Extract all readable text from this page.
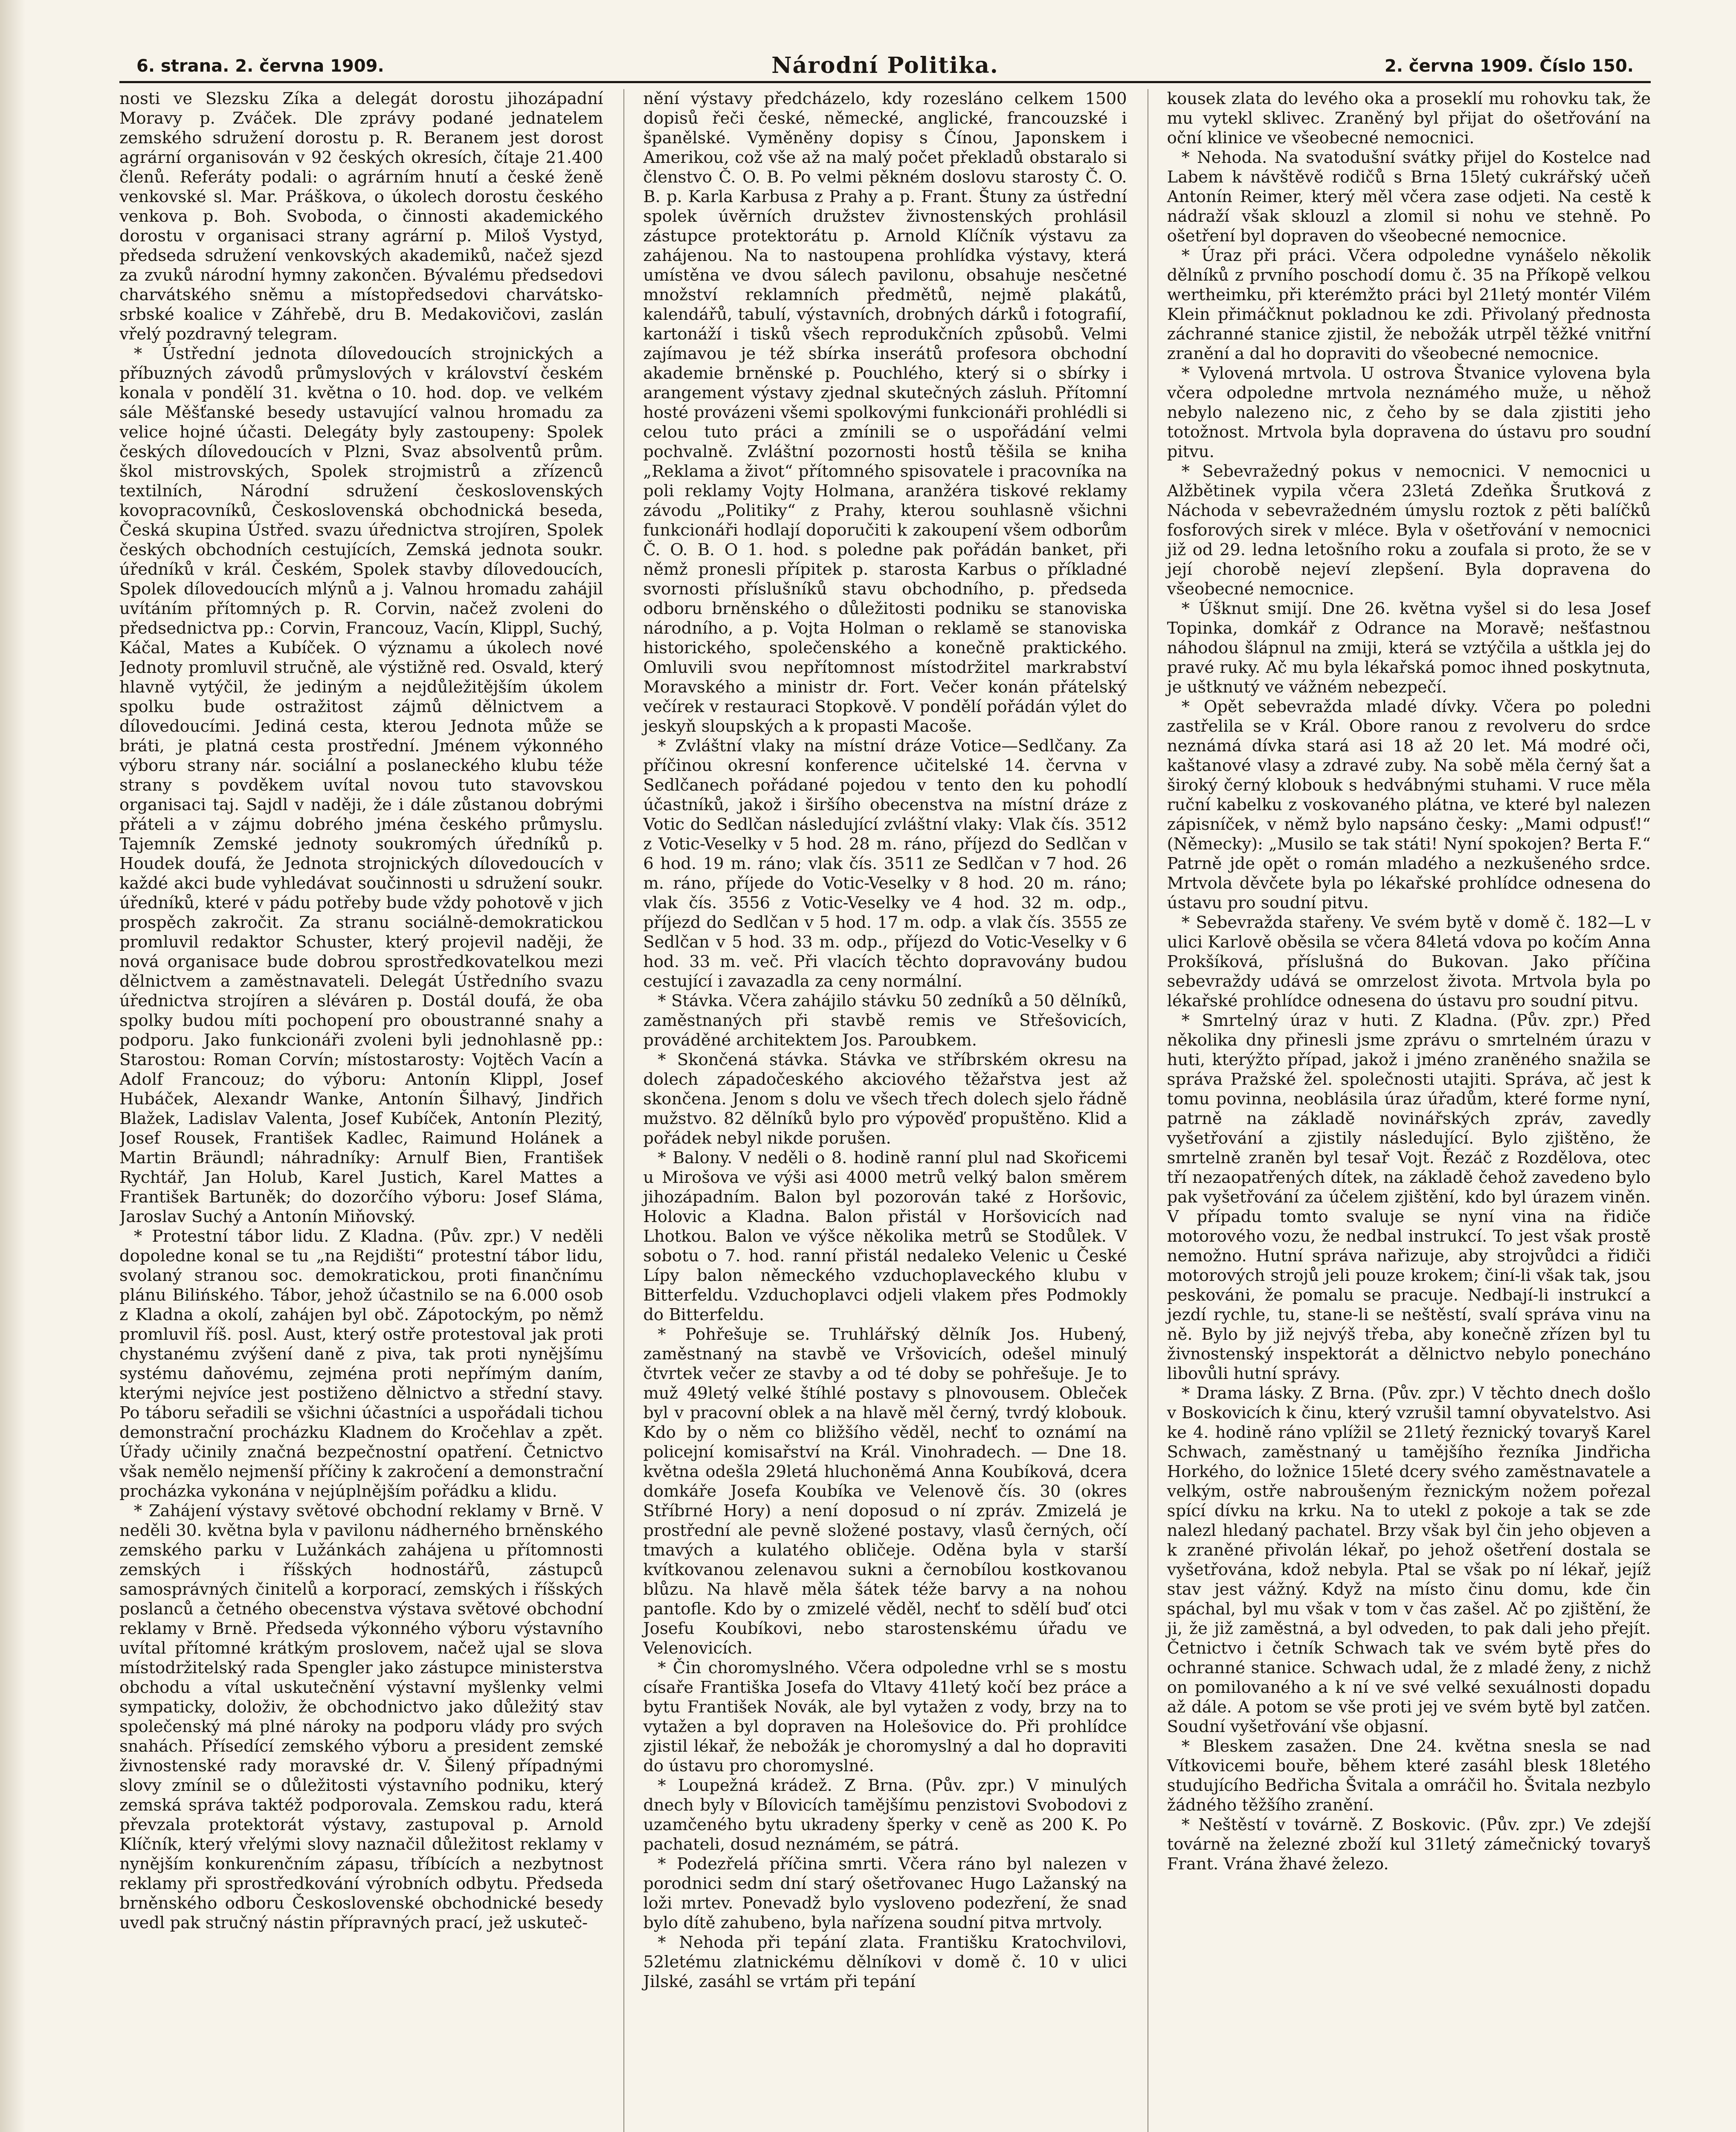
6. strana. 2. června 1909.	Národní Politika.	2. června 1909. Číslo 150.

nosti ve Slezsku Zíka a delegát dorostu jihozápadní Moravy p. Zváček. Dle zprávy podané jednatelem zemského sdružení dorostu p. R. Beranem jest dorost agrární organisován v 92 českých okresích, čítaje 21.400 členů. Referáty podali: o agrárním hnutí a české ženě venkovské sl. Mar. Práškova, o úkolech dorostu českého venkova p. Boh. Svoboda, o činnosti akademického dorostu v organisaci strany agrární p. Miloš Vystyd, předseda sdružení venkovských akademiků, načež sjezd za zvuků národní hymny zakončen. Bývalému předsedovi charvátského sněmu a místopředsedovi charvátsko-srbské koalice v Záhřebě, dru B. Medakovičovi, zaslán vřelý pozdravný telegram.

* Ústřední jednota dílovedoucích strojnických a příbuzných závodů průmyslových v království českém konala v pondělí 31. května o 10. hod. dop. ve velkém sále Měšťanské besedy ustavující valnou hromadu za velice hojné účasti. Delegáty byly zastoupeny: Spolek českých dílovedoucích v Plzni, Svaz absolventů prům. škol mistrovských, Spolek strojmistrů a zřízenců textilních, Národní sdružení československých kovopracovníků, Československá obchodnická beseda, Česká skupina Ústřed. svazu úřednictva strojíren, Spolek českých obchodních cestujících, Zemská jednota soukr. úředníků v král. Českém, Spolek stavby dílovedoucích, Spolek dílovedoucích mlýnů a j. Valnou hromadu zahájil uvítáním přítomných p. R. Corvin, načež zvoleni do předsednictva pp.: Corvin, Francouz, Vacín, Klippl, Suchý, Káčal, Mates a Kubíček. O významu a úkolech nové Jednoty promluvil stručně, ale výstižně red. Osvald, který hlavně vytýčil, že jediným a nejdůležitějším úkolem spolku bude ostražitost zájmů dělnictvem a dílovedoucími. Jediná cesta, kterou Jednota může se bráti, je platná cesta prostřední. Jménem výkonného výboru strany nár. sociální a poslaneckého klubu téže strany s povděkem uvítal novou tuto stavovskou organisaci taj. Sajdl v naději, že i dále zůstanou dobrými přáteli a v zájmu dobrého jména českého průmyslu. Tajemník Zemské jednoty soukromých úředníků p. Houdek doufá, že Jednota strojnických dílovedoucích v každé akci bude vyhledávat součinnosti u sdružení soukr. úředníků, které v pádu potřeby bude vždy pohotově v jich prospěch zakročit. Za stranu sociálně-demokratickou promluvil redaktor Schuster, který projevil naději, že nová organisace bude dobrou sprostředkovatelkou mezi dělnictvem a zaměstnavateli. Delegát Ústředního svazu úřednictva strojíren a sléváren p. Dostál doufá, že oba spolky budou míti pochopení pro oboustranné snahy a podporu. Jako funkcionáři zvoleni byli jednohlasně pp.: Starostou: Roman Corvín; místostarosty: Vojtěch Vacín a Adolf Francouz; do výboru: Antonín Klippl, Josef Hubáček, Alexandr Wanke, Antonín Šilhavý, Jindřich Blažek, Ladislav Valenta, Josef Kubíček, Antonín Plezitý, Josef Rousek, František Kadlec, Raimund Holánek a Martin Bräundl; náhradníky: Arnulf Bien, František Rychtář, Jan Holub, Karel Justich, Karel Mattes a František Bartuněk; do dozorčího výboru: Josef Sláma, Jaroslav Suchý a Antonín Miňovský.

* Protestní tábor lidu. Z Kladna. (Pův. zpr.) V neděli dopoledne konal se tu „na Rejdišti“ protestní tábor lidu, svolaný stranou soc. demokratickou, proti finančnímu plánu Bilińského. Tábor, jehož účastnilo se na 6.000 osob z Kladna a okolí, zahájen byl obč. Zápotockým, po němž promluvil říš. posl. Aust, který ostře protestoval jak proti chystanému zvýšení daně z piva, tak proti nynějšímu systému daňovému, zejména proti nepřímým daním, kterými nejvíce jest postiženo dělnictvo a střední stavy. Po táboru seřadili se všichni účastníci a uspořádali tichou demonstrační procházku Kladnem do Kročehlav a zpět. Úřady učinily značná bezpečnostní opatření. Četnictvo však nemělo nejmenší příčiny k zakročení a demonstrační procházka vykonána v nejúplnějším pořádku a klidu.

* Zahájení výstavy světové obchodní reklamy v Brně. V neděli 30. května byla v pavilonu nádherného brněnského zemského parku v Lužánkách zahájena u přítomnosti zemských i říšských hodnostářů, zástupců samosprávných činitelů a korporací, zemských i říšských poslanců a četného obecenstva výstava světové obchodní reklamy v Brně. Předseda výkonného výboru výstavního uvítal přítomné krátkým proslovem, načež ujal se slova místodržitelský rada Spengler jako zástupce ministerstva obchodu a vítal uskutečnění výstavní myšlenky velmi sympaticky, doloživ, že obchodnictvo jako důležitý stav společenský má plné nároky na podporu vlády pro svých snahách. Přísedící zemského výboru a president zemské živnostenské rady moravské dr. V. Šilený případnými slovy zmínil se o důležitosti výstavního podniku, který zemská správa taktéž podporovala. Zemskou radu, která převzala protektorát výstavy, zastupoval p. Arnold Klíčník, který vřelými slovy naznačil důležitost reklamy v nynějším konkurenčním zápasu, tříbících a nezbytnost reklamy při sprostředkování výrobních odbytu. Předseda brněnského odboru Československé obchodnické besedy uvedl pak stručný nástin přípravných prací, jež uskuteč-

nění výstavy předcházelo, kdy rozesláno celkem 1500 dopisů řeči české, německé, anglické, francouzské i španělské. Vyměněny dopisy s Čínou, Japonskem i Amerikou, což vše až na malý počet překladů obstaralo si členstvo Č. O. B. Po velmi pěkném doslovu starosty Č. O. B. p. Karla Karbusa z Prahy a p. Frant. Štuny za ústřední spolek úvěrních družstev živnostenských prohlásil zástupce protektorátu p. Arnold Klíčník výstavu za zahájenou. Na to nastoupena prohlídka výstavy, která umístěna ve dvou sálech pavilonu, obsahuje nesčetné množství reklamních předmětů, nejmě plakátů, kalendářů, tabulí, výstavních, drobných dárků i fotografií, kartonáží i tisků všech reprodukčních způsobů. Velmi zajímavou je též sbírka inserátů profesora obchodní akademie brněnské p. Pouchlého, který si o sbírky i arangement výstavy zjednal skutečných zásluh. Přítomní hosté provázeni všemi spolkovými funkcionáři prohlédli si celou tuto práci a zmínili se o uspořádání velmi pochvalně. Zvláštní pozornosti hostů těšila se kniha „Reklama a život“ přítomného spisovatele i pracovníka na poli reklamy Vojty Holmana, aranžéra tiskové reklamy závodu „Politiky“ z Prahy, kterou souhlasně všichni funkcionáři hodlají doporučiti k zakoupení všem odborům Č. O. B. O 1. hod. s poledne pak pořádán banket, při němž pronesli přípitek p. starosta Karbus o příkladné svornosti příslušníků stavu obchodního, p. předseda odboru brněnského o důležitosti podniku se stanoviska národního, a p. Vojta Holman o reklamě se stanoviska historického, společenského a konečně praktického. Omluvili svou nepřítomnost místodržitel markrabství Moravského a ministr dr. Fort. Večer konán přátelský večírek v restauraci Stopkově. V pondělí pořádán výlet do jeskyň sloupských a k propasti Macoše.

* Zvláštní vlaky na místní dráze Votice—Sedlčany. Za příčinou okresní konference učitelské 14. června v Sedlčanech pořádané pojedou v tento den ku pohodlí účastníků, jakož i širšího obecenstva na místní dráze z Votic do Sedlčan následující zvláštní vlaky: Vlak čís. 3512 z Votic-Veselky v 5 hod. 28 m. ráno, příjezd do Sedlčan v 6 hod. 19 m. ráno; vlak čís. 3511 ze Sedlčan v 7 hod. 26 m. ráno, příjede do Votic-Veselky v 8 hod. 20 m. ráno; vlak čís. 3556 z Votic-Veselky ve 4 hod. 32 m. odp., příjezd do Sedlčan v 5 hod. 17 m. odp. a vlak čís. 3555 ze Sedlčan v 5 hod. 33 m. odp., příjezd do Votic-Veselky v 6 hod. 33 m. več. Při vlacích těchto dopravovány budou cestující i zavazadla za ceny normální.

* Stávka. Včera zahájilo stávku 50 zedníků a 50 dělníků, zaměstnaných při stavbě remis ve Střešovicích, prováděné architektem Jos. Paroubkem.

* Skončená stávka. Stávka ve stříbrském okresu na dolech západočeského akciového těžařstva jest až skončena. Jenom s dolu ve všech třech dolech sjelo řádně mužstvo. 82 dělníků bylo pro výpověď propuštěno. Klid a pořádek nebyl nikde porušen.

* Balony. V neděli o 8. hodině ranní plul nad Skořicemi u Mirošova ve výši asi 4000 metrů velký balon směrem jihozápadním. Balon byl pozorován také z Horšovic, Holovic a Kladna. Balon přistál v Horšovicích nad Lhotkou. Balon ve výšce několika metrů se Stodůlek. V sobotu o 7. hod. ranní přistál nedaleko Velenic u České Lípy balon německého vzduchoplaveckého klubu v Bitterfeldu. Vzduchoplavci odjeli vlakem přes Podmokly do Bitterfeldu.

* Pohřešuje se. Truhlářský dělník Jos. Hubený, zaměstnaný na stavbě ve Vršovicích, odešel minulý čtvrtek večer ze stavby a od té doby se pohřešuje. Je to muž 49letý velké štíhlé postavy s plnovousem. Obleček byl v pracovní oblek a na hlavě měl černý, tvrdý klobouk. Kdo by o něm co bližšího věděl, nechť to oznámí na policejní komisařství na Král. Vinohradech. — Dne 18. května odešla 29letá hluchoněmá Anna Koubíková, dcera domkáře Josefa Koubíka ve Velenově čís. 30 (okres Stříbrné Hory) a není doposud o ní zpráv. Zmizelá je prostřední ale pevně složené postavy, vlasů černých, očí tmavých a kulatého obličeje. Oděna byla v starší kvítkovanou zelenavou sukni a černobílou kostkovanou blůzu. Na hlavě měla šátek téže barvy a na nohou pantofle. Kdo by o zmizelé věděl, nechť to sdělí buď otci Josefu Koubíkovi, nebo starostenskému úřadu ve Velenovicích.

* Čin choromyslného. Včera odpoledne vrhl se s mostu císaře Františka Josefa do Vltavy 41letý kočí bez práce a bytu František Novák, ale byl vytažen z vody, brzy na to vytažen a byl dopraven na Holešovice do. Při prohlídce zjistil lékař, že nebožák je choromyslný a dal ho dopraviti do ústavu pro choromyslné.

* Loupežná krádež. Z Brna. (Pův. zpr.) V minulých dnech byly v Bílovicích tamějšímu penzistovi Svobodovi z uzamčeného bytu ukradeny šperky v ceně as 200 K. Po pachateli, dosud neznámém, se pátrá.

* Podezřelá příčina smrti. Včera ráno byl nalezen v porodnici sedm dní starý ošetřovanec Hugo Lažanský na loži mrtev. Ponevadž bylo vysloveno podezření, že snad bylo dítě zahubeno, byla nařízena soudní pitva mrtvoly.

* Nehoda při tepání zlata. Františku Kratochvilovi, 52letému zlatnickému dělníkovi v domě č. 10 v ulici Jilské, zasáhl se vrtám při tepání

kousek zlata do levého oka a proseklí mu rohovku tak, že mu vytekl sklivec. Zraněný byl přijat do ošetřování na oční klinice ve všeobecné nemocnici.

* Nehoda. Na svatodušní svátky přijel do Kostelce nad Labem k návštěvě rodičů s Brna 15letý cukrářský učeň Antonín Reimer, který měl včera zase odjeti. Na cestě k nádraží však sklouzl a zlomil si nohu ve stehně. Po ošetření byl dopraven do všeobecné nemocnice.

* Úraz při práci. Včera odpoledne vynášelo několik dělníků z prvního poschodí domu č. 35 na Příkopě velkou wertheimku, při kterémžto práci byl 21letý montér Vilém Klein přimáčknut pokladnou ke zdi. Přivolaný přednosta záchranné stanice zjistil, že nebožák utrpěl těžké vnitřní zranění a dal ho dopraviti do všeobecné nemocnice.

* Vylovená mrtvola. U ostrova Štvanice vylovena byla včera odpoledne mrtvola neznámého muže, u něhož nebylo nalezeno nic, z čeho by se dala zjistiti jeho totožnost. Mrtvola byla dopravena do ústavu pro soudní pitvu.

* Sebevražedný pokus v nemocnici. V nemocnici u Alžbětinek vypila včera 23letá Zdeňka Šrutková z Náchoda v sebevražedném úmyslu roztok z pěti balíčků fosforových sirek v mléce. Byla v ošetřování v nemocnici již od 29. ledna letošního roku a zoufala si proto, že se v její chorobě nejeví zlepšení. Byla dopravena do všeobecné nemocnice.

* Úšknut smijí. Dne 26. května vyšel si do lesa Josef Topinka, domkář z Odrance na Moravě; nešťastnou náhodou šlápnul na zmiji, která se vztýčila a uštkla jej do pravé ruky. Ač mu byla lékařská pomoc ihned poskytnuta, je uštknutý ve vážném nebezpečí.

* Opět sebevražda mladé dívky. Včera po poledni zastřelila se v Král. Obore ranou z revolveru do srdce neznámá dívka stará asi 18 až 20 let. Má modré oči, kaštanové vlasy a zdravé zuby. Na sobě měla černý šat a široký černý klobouk s hedvábnými stuhami. V ruce měla ruční kabelku z voskovaného plátna, ve které byl nalezen zápisníček, v němž bylo napsáno česky: „Mami odpusť!“ (Německy): „Musilo se tak státi! Nyní spokojen? Berta F.“ Patrně jde opět o román mladého a nezkušeného srdce. Mrtvola děvčete byla po lékařské prohlídce odnesena do ústavu pro soudní pitvu.

* Sebevražda stařeny. Ve svém bytě v domě č. 182—L v ulici Karlově oběsila se včera 84letá vdova po kočím Anna Prokšíková, příslušná do Bukovan. Jako příčina sebevraždy udává se omrzelost života. Mrtvola byla po lékařské prohlídce odnesena do ústavu pro soudní pitvu.

* Smrtelný úraz v huti. Z Kladna. (Pův. zpr.) Před několika dny přinesli jsme zprávu o smrtelném úrazu v huti, kterýžto případ, jakož i jméno zraněného snažila se správa Pražské žel. společnosti utajiti. Správa, ač jest k tomu povinna, neoblásila úraz úřadům, které forme nyní, patrně na základě novinářských zpráv, zavedly vyšetřování a zjistily následující. Bylo zjištěno, že smrtelně zraněn byl tesař Vojt. Řezáč z Rozdělova, otec tří nezaopatřených dítek, na základě čehož zavedeno bylo pak vyšetřování za účelem zjištění, kdo byl úrazem viněn. V případu tomto svaluje se nyní vina na řidiče motorového vozu, že nedbal instrukcí. To jest však prostě nemožno. Hutní správa nařizuje, aby strojvůdci a řidiči motorových strojů jeli pouze krokem; činí-li však tak, jsou peskováni, že pomalu se pracuje. Nedbají-li instrukcí a jezdí rychle, tu, stane-li se neštěstí, svalí správa vinu na ně. Bylo by již nejvýš třeba, aby konečně zřízen byl tu živnostenský inspektorát a dělnictvo nebylo ponecháno libovůli hutní správy.

* Drama lásky. Z Brna. (Pův. zpr.) V těchto dnech došlo v Boskovicích k činu, který vzrušil tamní obyvatelstvo. Asi ke 4. hodině ráno vplížil se 21letý řeznický tovaryš Karel Schwach, zaměstnaný u tamějšího řezníka Jindřicha Horkého, do ložnice 15leté dcery svého zaměstnavatele a velkým, ostře nabroušeným řeznickým nožem pořezal spící dívku na krku. Na to utekl z pokoje a tak se zde nalezl hledaný pachatel. Brzy však byl čin jeho objeven a k zraněné přivolán lékař, po jehož ošetření dostala se vyšetřována, kdož nebyla. Ptal se však po ní lékař, jejíž stav jest vážný. Když na místo činu domu, kde čin spáchal, byl mu však v tom v čas zašel. Ač po zjištění, že ji, že již zaměstná, a byl odveden, to pak dali jeho přejít. Četnictvo i četník Schwach tak ve svém bytě přes do ochranné stanice. Schwach udal, že z mladé ženy, z nichž on pomilovaného a k ní ve své velké sexuálnosti dopadu až dále. A potom se vše proti jej ve svém bytě byl zatčen. Soudní vyšetřování vše objasní.

* Bleskem zasažen. Dne 24. května snesla se nad Vítkovicemi bouře, během které zasáhl blesk 18letého studujícího Bedřicha Švitala a omráčil ho. Švitala nezbylo žádného těžšího zranění.

* Neštěstí v továrně. Z Boskovic. (Pův. zpr.) Ve zdejší továrně na železné zboží kul 31letý zámečnický tovaryš Frant. Vrána žhavé železo.
